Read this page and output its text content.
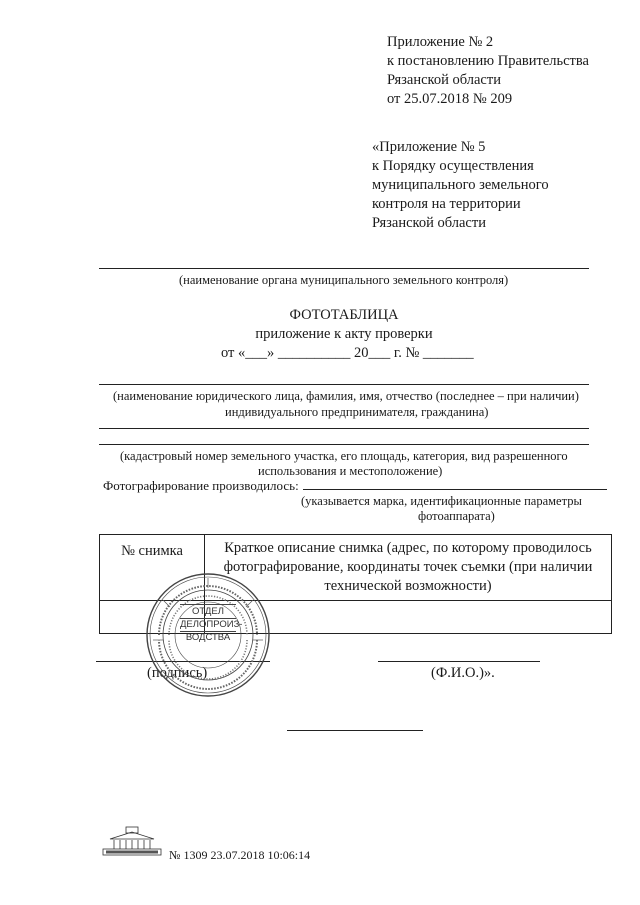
Приложение № 2
к постановлению Правительства
Рязанской области
от 25.07.2018 № 209
«Приложение № 5
к Порядку осуществления
муниципального земельного
контроля на территории
Рязанской области
(наименование органа муниципального земельного контроля)
ФОТОТАБЛИЦА
приложение к акту проверки
от «___» __________ 20___ г. № _______
(наименование юридического лица, фамилия, имя, отчество (последнее – при наличии)
индивидуального предпринимателя, гражданина)
(кадастровый номер земельного участка, его площадь, категория, вид разрешенного
использования и местоположение)
Фотографирование производилось:
(указывается марка, идентификационные параметры
фотоаппарата)
№ снимка	Краткое описание снимка (адрес, по которому проводилось
фотографирование, координаты точек съемки (при наличии
технической возможности)

(подпись)	(Ф.И.О.)».
ОТДЕЛ
ДЕЛОПРОИЗ-
ВОДСТВА
№ 1309 23.07.2018 10:06:14
